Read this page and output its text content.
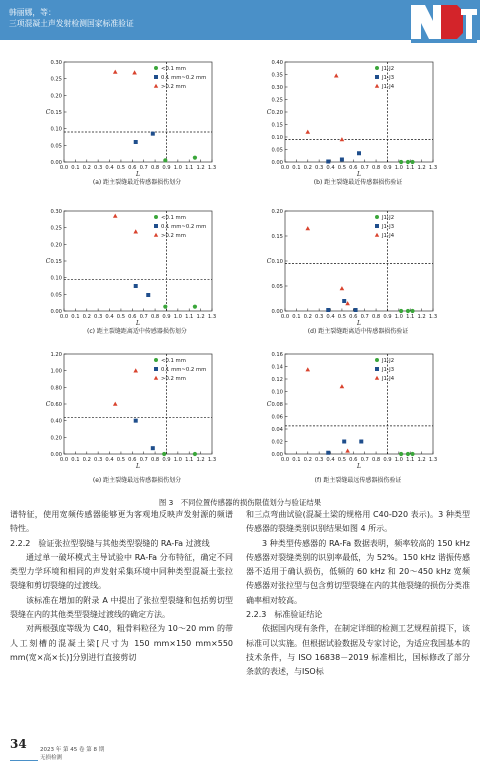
韩丽娜，等：
三项混凝土声发射检测国家标准验证
0.30
0.25
0.20
0.15
0.10
0.05
0.00
0.0 0.1 0.2 0.3 0.4 0.5 0.6 0.7 0.8 0.9 1.0 1.1 1.2 1.3
L
C
<0.1 mm
0.1 mm~0.2 mm
>0.2 mm
(a) 距主裂缝最近传感器损伤划分
0.40
0.35
0.30
0.25
0.20
0.15
0.10
0.05
0.00
0.0 0.1 0.2 0.3 0.4 0.5 0.6 0.7 0.8 0.9 1.0 1.1 1.2 1.3
L
C
J1-J2
J1-J3
J1-J4
(b) 距主裂缝最近传感器损伤验证
0.30
0.25
0.20
0.15
0.10
0.05
0.00
0.0 0.1 0.2 0.3 0.4 0.5 0.6 0.7 0.8 0.9 1.0 1.1 1.2 1.3
L
C
<0.1 mm
0.1 mm~0.2 mm
>0.2 mm
(c) 距主裂缝距离适中传感器损伤划分
0.20
0.15
0.10
0.05
0.00
0.0 0.1 0.2 0.3 0.4 0.5 0.6 0.7 0.8 0.9 1.0 1.1 1.2 1.3
L
C
J1-J2
J1-J3
J1-J4
(d) 距主裂缝距离适中传感器损伤验证
1.20
1.00
0.80
0.60
0.40
0.20
0.00
0.0 0.1 0.2 0.3 0.4 0.5 0.6 0.7 0.8 0.9 1.0 1.1 1.2 1.3
L
C
<0.1 mm
0.1 mm~0.2 mm
>0.2 mm
(e) 距主裂缝最远传感器损伤划分
0.16
0.14
0.12
0.10
0.08
0.06
0.04
0.02
0.00
0.0 0.1 0.2 0.3 0.4 0.5 0.6 0.7 0.8 0.9 1.0 1.1 1.2 1.3
L
C
J1-J2
J1-J3
J1-J4
(f) 距主裂缝最远传感器损伤验证
图 3　不同位置传感器的损伤限值划分与验证结果

谱特征，使用宽频传感器能够更为客观地反映声发射源的频谱特性。

2.2.2　验证张拉型裂缝与其他类型裂缝的 RA-Fa 过渡线

通过单一破坏模式主导试验中 RA-Fa 分布特征，确定不同类型力学环境和相同的声发射采集环境中同种类型混凝土张拉裂缝和剪切裂缝的过渡线。

该标准在增加的附录 A 中提出了张拉型裂缝和包括剪切型裂缝在内的其他类型裂缝过渡线的确定方法。

对两根强度等级为 C40，粗骨料粒径为 10～20 mm 的带人工刻槽的混凝土梁[尺寸为 150 mm×150 mm×550 mm(宽×高×长)]分别进行直接剪切

和三点弯曲试验(混凝土梁的规格用 C40-D20 表示)。3 种类型传感器的裂缝类别识别结果如图 4 所示。

3 种类型传感器的 RA-Fa 数据表明，频率较高的 150 kHz 传感器对裂缝类别的识别率最低，为 52%。150 kHz 谐振传感器不适用于确认损伤，低频的 60 kHz 和 20～450 kHz 宽频传感器对张拉型与包含剪切型裂缝在内的其他裂缝的损伤分类准确率相对较高。

2.2.3　标准验证结论

依据国内现有条件，在制定详细的检测工艺规程前提下，该标准可以实施。但根据试验数据及专家讨论，为适应我国基本的技术条件，与 ISO 16838－2019 标准相比，国标修改了部分条款的表述，与ISO标

34 2023 年 第 45 卷 第 8 期
无损检测
